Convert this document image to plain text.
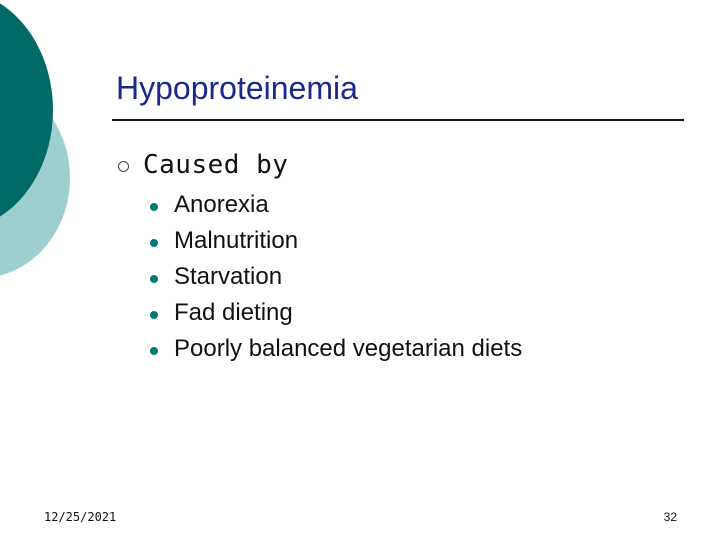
Hypoproteinemia
Caused by
Anorexia
Malnutrition
Starvation
Fad dieting
Poorly balanced vegetarian diets
12/25/2021	32
